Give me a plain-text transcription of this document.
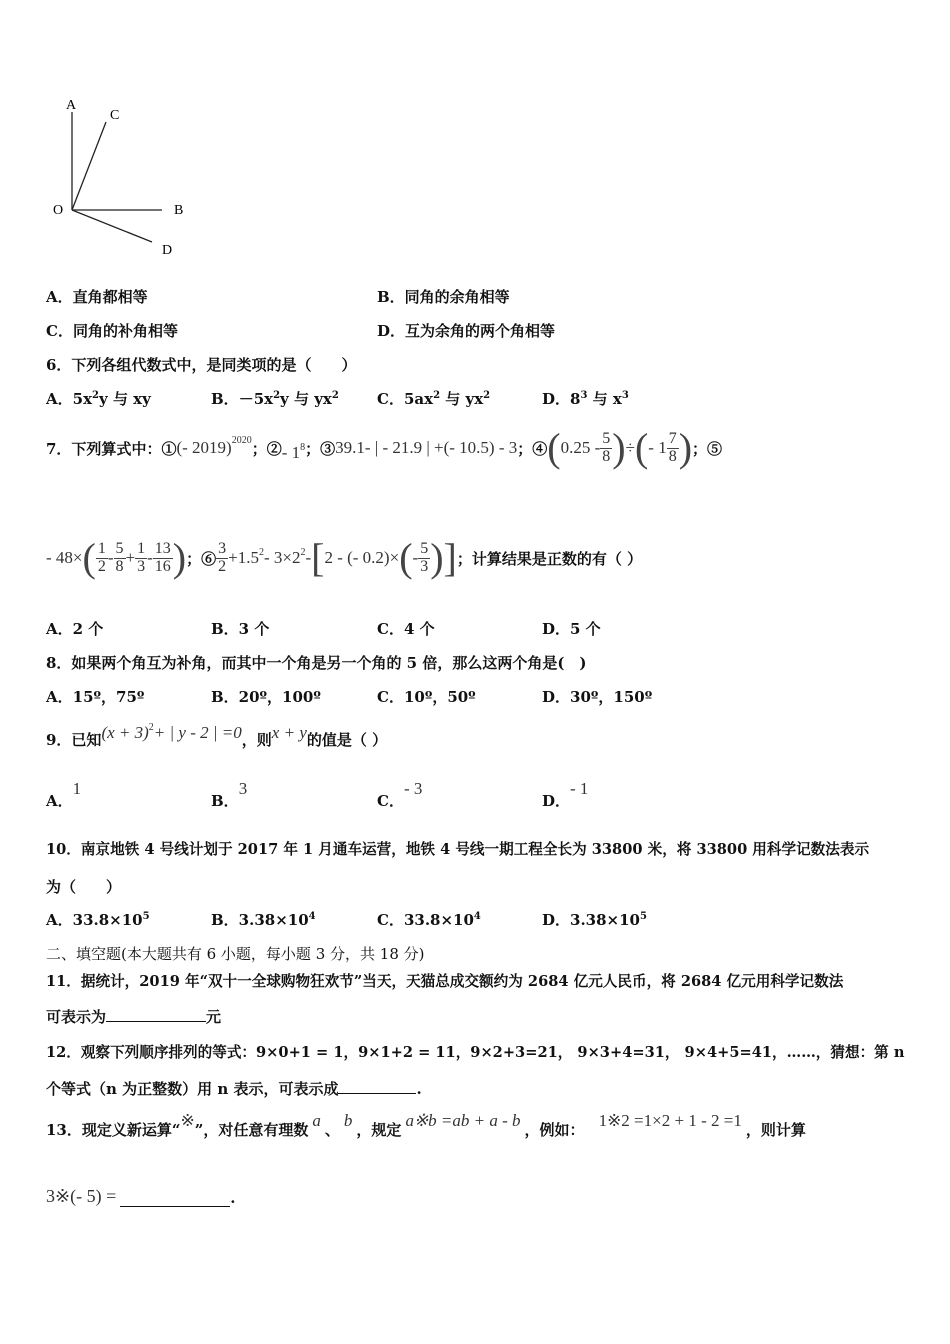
A
C
O	B
D
A．直角都相等	B．同角的余角相等
C．同角的补角相等	D．互为余角的两个角相等
6．下列各组代数式中，是同类项的是（　　）
A．$5x^2y$ 与 xy	B．$-5x^2y$ 与 $yx^2$	C．$5ax^2$ 与 $yx^2$	D．$8^3$ 与 $x^3$
7．下列算式中：① (- 2019) 2020 ；② - 1 8 ；③ 39.1- | - 21.9 | +(- 10.5) - 3 ；④ ( $0.25 - \frac{5}{8}$ ) ÷ ( - $1 \frac{7}{8}$ ) ；⑤
- 48× ( $\frac{1}{2} - \frac{5}{8} + \frac{1}{3} - \frac{13}{16}$ ) ；⑥ $\frac{3}{2} +1.5$ 2 - 3×2 2 - [ 2 - (- 0.2)× ( - $\frac{5}{3}$ ) ] ；计算结果是正数的有（ ）
A．2 个	B．3 个	C．4 个	D．5 个
8．如果两个角互为补角，而其中一个角是另一个角的 5 倍，那么这两个角是(　)
A．15º，75º	B．20º，100º	C．10º，50º	D．30º，150º
9．已知 (x + 3) 2 + | y - 2 | =0 ，则 x + y 的值是（ ）
A．1
B．3
C．- 3
D．- 1
10．南京地铁 4 号线计划于 2017 年 1 月通车运营，地铁 4 号线一期工程全长为 33800 米，将 33800 用科学记数法表示
为（　　）
A．$33.8\times 10^5$	B．$3.38\times 10^4$	C．$33.8\times 10^4$	D．$3.38\times 10^5$
二、填空题(本大题共有 6 小题，每小题 3 分，共 18 分)
11．据统计，2019 年“双十一全球购物狂欢节”当天，天猫总成交额约为 2684 亿元人民币，将 2684 亿元用科学记数法
可表示为	元
12．观察下列顺序排列的等式：9×0+1 = 1，9×1+2 = 11，9×2+3=21， 9×3+4=31， 9×4+5=41，……，猜想：第 n
个等式（n 为正整数）用 n 表示，可表示成	.
13．现定义新运算“ ※ ”，对任意有理数 a 、 b ，规定 a※b =ab + a - b ，例如： 1※2 =1×2 + 1 - 2 =1 ，则计算
3※(- 5) =	.
